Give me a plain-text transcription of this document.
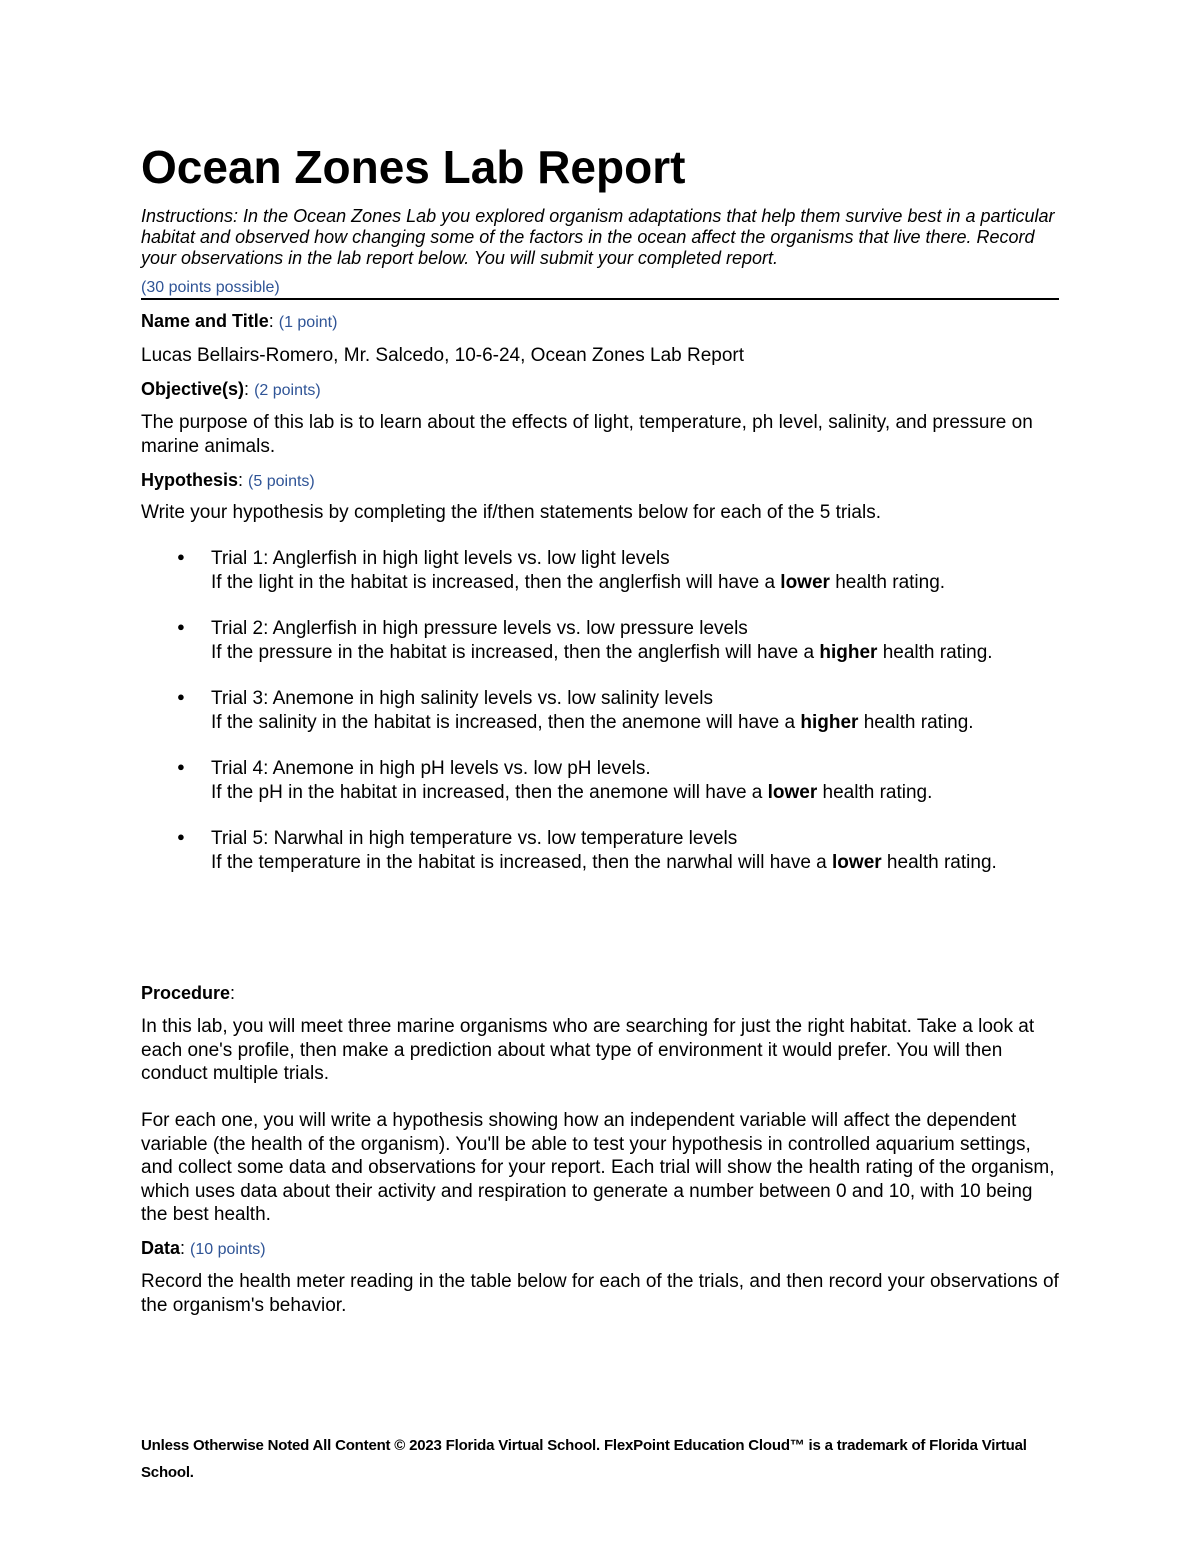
Ocean Zones Lab Report

Instructions: In the Ocean Zones Lab you explored organism adaptations that help them survive best in a particular habitat and observed how changing some of the factors in the ocean affect the organisms that live there. Record your observations in the lab report below. You will submit your completed report.

(30 points possible)

Name and Title: (1 point)

Lucas Bellairs-Romero, Mr. Salcedo, 10-6-24, Ocean Zones Lab Report

Objective(s): (2 points)

The purpose of this lab is to learn about the effects of light, temperature, ph level, salinity, and pressure on marine animals.

Hypothesis: (5 points)

Write your hypothesis by completing the if/then statements below for each of the 5 trials.

● Trial 1: Anglerfish in high light levels vs. low light levels
If the light in the habitat is increased, then the anglerfish will have a lower health rating.
● Trial 2: Anglerfish in high pressure levels vs. low pressure levels
If the pressure in the habitat is increased, then the anglerfish will have a higher health rating.
● Trial 3: Anemone in high salinity levels vs. low salinity levels
If the salinity in the habitat is increased, then the anemone will have a higher health rating.
● Trial 4: Anemone in high pH levels vs. low pH levels.
If the pH in the habitat in increased, then the anemone will have a lower health rating.
● Trial 5: Narwhal in high temperature vs. low temperature levels
If the temperature in the habitat is increased, then the narwhal will have a lower health rating.

Procedure:

In this lab, you will meet three marine organisms who are searching for just the right habitat. Take a look at each one's profile, then make a prediction about what type of environment it would prefer. You will then conduct multiple trials.

For each one, you will write a hypothesis showing how an independent variable will affect the dependent variable (the health of the organism). You'll be able to test your hypothesis in controlled aquarium settings, and collect some data and observations for your report. Each trial will show the health rating of the organism, which uses data about their activity and respiration to generate a number between 0 and 10, with 10 being the best health.

Data: (10 points)

Record the health meter reading in the table below for each of the trials, and then record your observations of the organism's behavior.

Unless Otherwise Noted All Content © 2023 Florida Virtual School. FlexPoint Education Cloud™ is a trademark of Florida Virtual School.
